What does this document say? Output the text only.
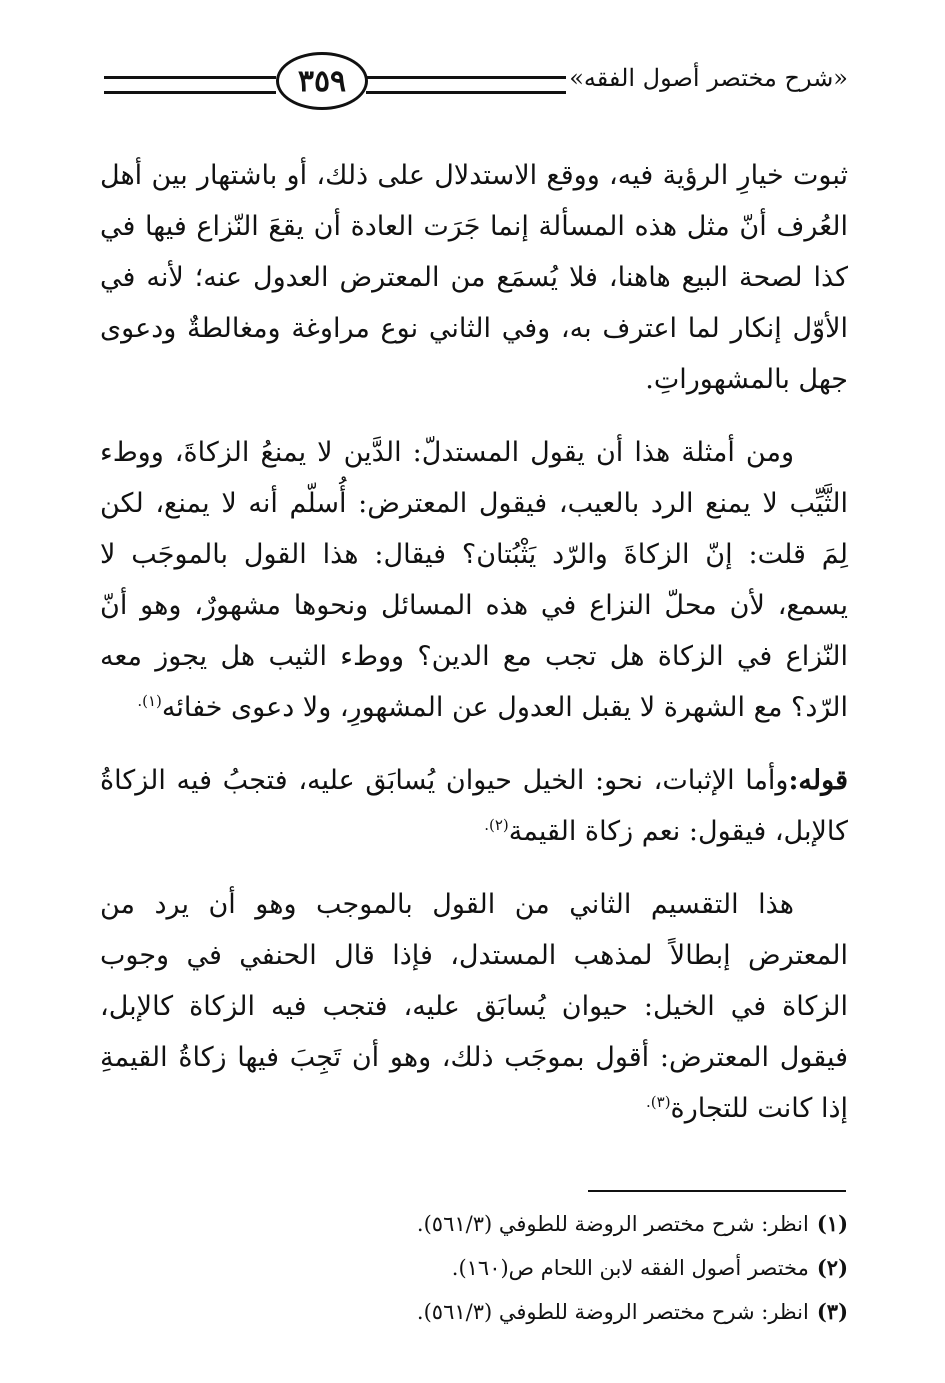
٣٥٩	«شرح مختصر أصول الفقه»

ثبوت خيارِ الرؤية فيه، ووقع الاستدلال على ذلك، أو باشتهار بين أهل العُرف أنّ مثل هذه المسألة إنما جَرَت العادة أن يقعَ النّزاع فيها في كذا لصحة البيع هاهنا، فلا يُسمَع من المعترض العدول عنه؛ لأنه في الأوّل إنكار لما اعترف به، وفي الثاني نوع مراوغة ومغالطةٌ ودعوى جهل بالمشهوراتِ.

ومن أمثلة هذا أن يقول المستدلّ: الدَّين لا يمنعُ الزكاةَ، ووطء الثَّيِّب لا يمنع الرد بالعيب، فيقول المعترض: أُسلّم أنه لا يمنع، لكن لِمَ قلت: إنّ الزكاةَ والرّد يَثْبُتان؟ فيقال: هذا القول بالموجَب لا يسمع، لأن محلّ النزاع في هذه المسائل ونحوها مشهورٌ، وهو أنّ النّزاع في الزكاة هل تجب مع الدين؟ ووطء الثيب هل يجوز معه الرّد؟ مع الشهرة لا يقبل العدول عن المشهورِ، ولا دعوى خفائه$^{(١).}$

قوله:وأما الإثبات، نحو: الخيل حيوان يُسابَق عليه، فتجبُ فيه الزكاةُ كالإبل، فيقول: نعم زكاة القيمة$^{(٢).}$

هذا التقسيم الثاني من القول بالموجب وهو أن يرد من المعترض إبطالاً لمذهب المستدل، فإذا قال الحنفي في وجوب الزكاة في الخيل: حيوان يُسابَق عليه، فتجب فيه الزكاة كالإبل، فيقول المعترض: أقول بموجَب ذلك، وهو أن تَجِبَ فيها زكاةُ القيمةِ إذا كانت للتجارة$^{(٣).}$

(١)انظر: شرح مختصر الروضة للطوفي (٥٦١/٣).
(٢)مختصر أصول الفقه لابن اللحام ص(١٦٠).
(٣)انظر: شرح مختصر الروضة للطوفي (٥٦١/٣).
